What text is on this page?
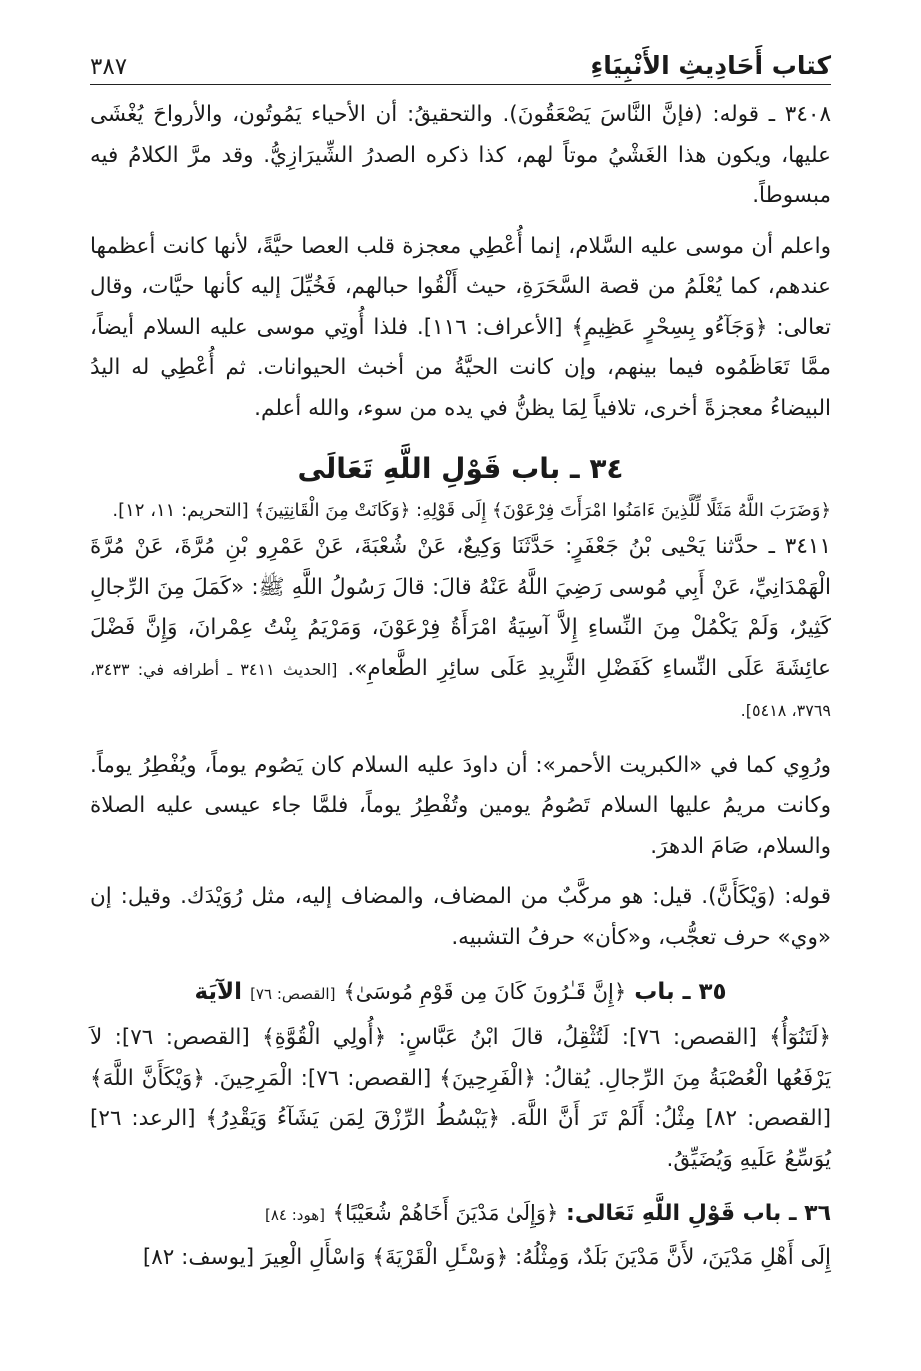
كتاب أَحَادِيثِ الأَنْبِيَاءِ
٣٨٧

٣٤٠٨ ـ قوله: (فإنَّ النَّاسَ يَصْعَقُونَ). والتحقيقُ: أن الأحياء يَمُوتُون، والأرواحَ يُغْشَى عليها، ويكون هذا الغَشْيُ موتاً لهم، كذا ذكره الصدرُ الشِّيرَازِيُّ. وقد مرَّ الكلامُ فيه مبسوطاً.

واعلم أن موسى عليه السَّلام، إنما أُعْطِي معجزة قلب العصا حيَّةً، لأنها كانت أعظمها عندهم، كما يُعْلَمُ من قصة السَّحَرَةِ، حيث أَلْقُوا حبالهم، فَخُيِّلَ إليه كأنها حيَّات، وقال تعالى: ﴿وَجَآءُو بِسِحْرٍ عَظِيمٍ﴾ [الأعراف: ١١٦]. فلذا أُوتِي موسى عليه السلام أيضاً، ممَّا تَعَاظَمُوه فيما بينهم، وإن كانت الحيَّةُ من أخبث الحيوانات. ثم أُعْطِي له اليدُ البيضاءُ معجزةً أخرى، تلافياً لِمَا يظنُّ في يده من سوء، والله أعلم.

٣٤ ـ باب قَوْلِ اللَّهِ تَعَالَى
﴿وَضَرَبَ اللَّهُ مَثَلًا لِّلَّذِينَ ءَامَنُوا امْرَأَتَ فِرْعَوْنَ﴾ إِلَى قَوْلِهِ: ﴿وَكَانَتْ مِنَ الْقَانِتِينَ﴾ [التحريم: ١١، ١٢].

٣٤١١ ـ حدَّثنا يَحْيى بْنُ جَعْفَرٍ: حَدَّثَنَا وَكِيعٌ، عَنْ شُعْبَةَ، عَنْ عَمْرِو بْنِ مُرَّةَ، عَنْ مُرَّةَ الْهَمْدَانِيِّ، عَنْ أَبِي مُوسى رَضِيَ اللَّهُ عَنْهُ قالَ: قالَ رَسُولُ اللَّهِ ﷺ: «كَمَلَ مِنَ الرِّجالِ كَثِيرٌ، وَلَمْ يَكْمُلْ مِنَ النِّساءِ إِلاَّ آسِيَةُ امْرَأَةُ فِرْعَوْنَ، وَمَرْيَمُ بِنْتُ عِمْرانَ، وَإِنَّ فَضْلَ عائِشَةَ عَلَى النِّساءِ كَفَضْلِ الثَّرِيدِ عَلَى سائِرِ الطَّعامِ». [الحديث ٣٤١١ ـ أطرافه في: ٣٤٣٣، ٣٧٦٩، ٥٤١٨].

ورُوِي كما في «الكبريت الأحمر»: أن داودَ عليه السلام كان يَصُوم يوماً، ويُفْطِرُ يوماً. وكانت مريمُ عليها السلام تَصُومُ يومين وتُفْطِرُ يوماً، فلمَّا جاء عيسى عليه الصلاة والسلام، صَامَ الدهرَ.

قوله: (وَيْكَأَنَّ). قيل: هو مركَّبٌ من المضاف، والمضاف إليه، مثل رُوَيْدَك. وقيل: إن «وي» حرف تعجُّب، و«كأن» حرفُ التشبيه.

٣٥ ـ باب ﴿إِنَّ قَـٰرُونَ كَانَ مِن قَوْمِ مُوسَىٰ﴾ [القصص: ٧٦] الآيَة

﴿لَتَنُوٓأُ﴾ [القصص: ٧٦]: لَتُثْقِلُ، قالَ ابْنُ عَبَّاسٍ: ﴿أُولِي الْقُوَّةِ﴾ [القصص: ٧٦]: لاَ يَرْفَعُها الْعُصْبَةُ مِنَ الرِّجالِ. يُقالُ: ﴿الْفَرِحِينَ﴾ [القصص: ٧٦]: الْمَرِحِينَ. ﴿وَيْكَأَنَّ اللَّهَ﴾ [القصص: ٨٢] مِثْلُ: أَلَمْ تَرَ أَنَّ اللَّهَ. ﴿يَبْسُطُ الرِّزْقَ لِمَن يَشَآءُ وَيَقْدِرُ﴾ [الرعد: ٢٦] يُوَسِّعُ عَلَيهِ وَيُضَيِّقُ.

٣٦ ـ باب قَوْلِ اللَّهِ تَعَالى: ﴿وَإِلَىٰ مَدْيَنَ أَخَاهُمْ شُعَيْبًا﴾ [هود: ٨٤]

إِلَى أَهْلِ مَدْيَنَ، لأَنَّ مَدْيَنَ بَلَدٌ، وَمِثْلُهُ: ﴿وَسْـَٔلِ الْقَرْيَةَ﴾ وَاسْأَلِ الْعِيرَ [يوسف: ٨٢]
